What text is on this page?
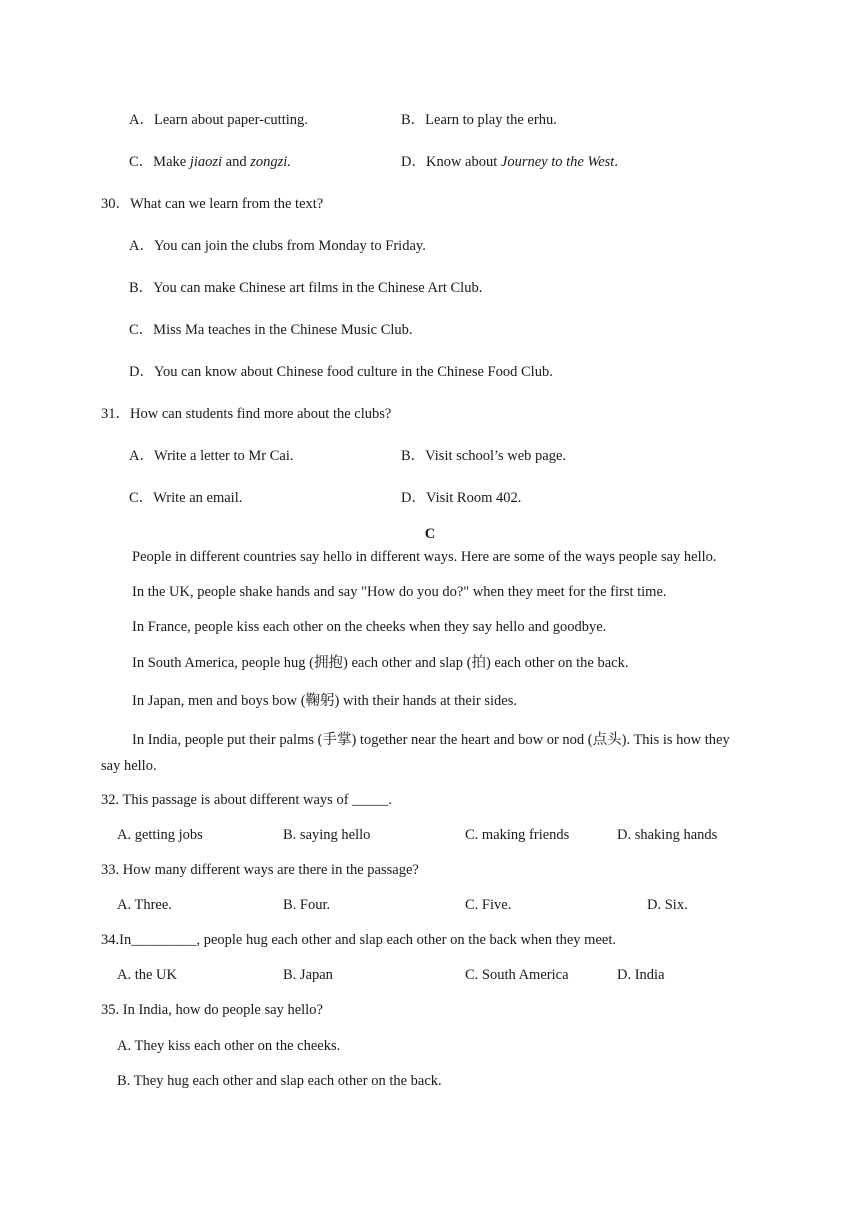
A．Learn about paper-cutting.	B．Learn to play the erhu.
C．Make jiaozi and zongzi.	D．Know about Journey to the West.
30．What can we learn from the text?
A．You can join the clubs from Monday to Friday.
B．You can make Chinese art films in the Chinese Art Club.
C．Miss Ma teaches in the Chinese Music Club.
D．You can know about Chinese food culture in the Chinese Food Club.
31．How can students find more about the clubs?
A．Write a letter to Mr Cai.	B．Visit school’s web page.
C．Write an email.	D．Visit Room 402.
C
People in different countries say hello in different ways. Here are some of the ways people say hello.
In the UK, people shake hands and say "How do you do?" when they meet for the first time.
In France, people kiss each other on the cheeks when they say hello and goodbye.
In South America, people hug (拥抱) each other and slap (拍) each other on the back.
In Japan, men and boys bow (鞠躬) with their hands at their sides.
In India, people put their palms (手掌) together near the heart and bow or nod (点头). This is how they
say hello.
32. This passage is about different ways of _____.
A. getting jobs	B. saying hello	C. making friends	D. shaking hands
33. How many different ways are there in the passage?
A. Three.	B. Four.	C. Five.	D. Six.
34.In_________, people hug each other and slap each other on the back when they meet.
A. the UK	B. Japan	C. South America	D. India
35. In India, how do people say hello?
A. They kiss each other on the cheeks.
B. They hug each other and slap each other on the back.
